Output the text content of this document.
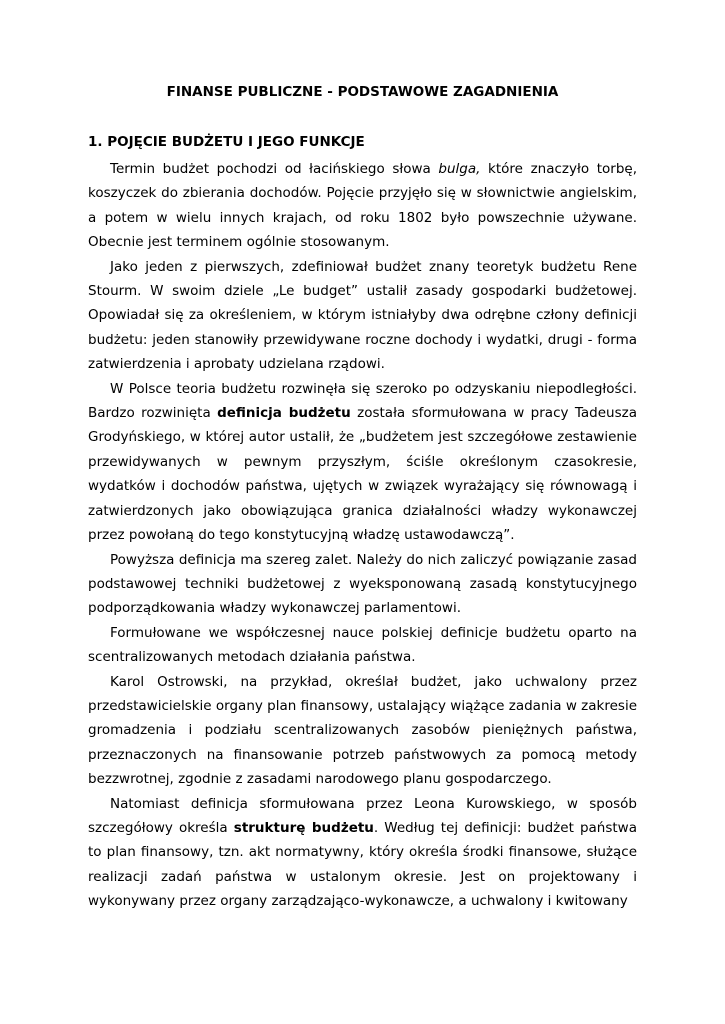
FINANSE PUBLICZNE - PODSTAWOWE ZAGADNIENIA
1. POJĘCIE BUDŻETU I JEGO FUNKCJE

Termin budżet pochodzi od łacińskiego słowa bulga, które znaczyło torbę, koszyczek do zbierania dochodów. Pojęcie przyjęło się w słownictwie angielskim, a potem w wielu innych krajach, od roku 1802 było powszechnie używane. Obecnie jest terminem ogólnie stosowanym.

Jako jeden z pierwszych, zdefiniował budżet znany teoretyk budżetu Rene Stourm. W swoim dziele „Le budget” ustalił zasady gospodarki budżetowej. Opowiadał się za określeniem, w którym istniałyby dwa odrębne człony definicji budżetu: jeden stanowiły przewidywane roczne dochody i wydatki, drugi - forma zatwierdzenia i aprobaty udzielana rządowi.

W Polsce teoria budżetu rozwinęła się szeroko po odzyskaniu niepodległości. Bardzo rozwinięta definicja budżetu została sformułowana w pracy Tadeusza Grodyńskiego, w której autor ustalił, że „budżetem jest szczegółowe zestawienie przewidywanych w pewnym przyszłym, ściśle określonym czasokresie, wydatków i dochodów państwa, ujętych w związek wyrażający się równowagą i zatwierdzonych jako obowiązująca granica działalności władzy wykonawczej przez powołaną do tego konstytucyjną władzę ustawodawczą”.

Powyższa definicja ma szereg zalet. Należy do nich zaliczyć powiązanie zasad podstawowej techniki budżetowej z wyeksponowaną zasadą konstytucyjnego podporządkowania władzy wykonawczej parlamentowi.

Formułowane we współczesnej nauce polskiej definicje budżetu oparto na scentralizowanych metodach działania państwa.

Karol Ostrowski, na przykład, określał budżet, jako uchwalony przez przedstawicielskie organy plan finansowy, ustalający wiążące zadania w zakresie gromadzenia i podziału scentralizowanych zasobów pieniężnych państwa, przeznaczonych na finansowanie potrzeb państwowych za pomocą metody bezzwrotnej, zgodnie z zasadami narodowego planu gospodarczego.

Natomiast definicja sformułowana przez Leona Kurowskiego, w sposób szczegółowy określa strukturę budżetu. Według tej definicji: budżet państwa to plan finansowy, tzn. akt normatywny, który określa środki finansowe, służące realizacji zadań państwa w ustalonym okresie. Jest on projektowany i wykonywany przez organy zarządzająco-wykonawcze, a uchwalony i kwitowany
